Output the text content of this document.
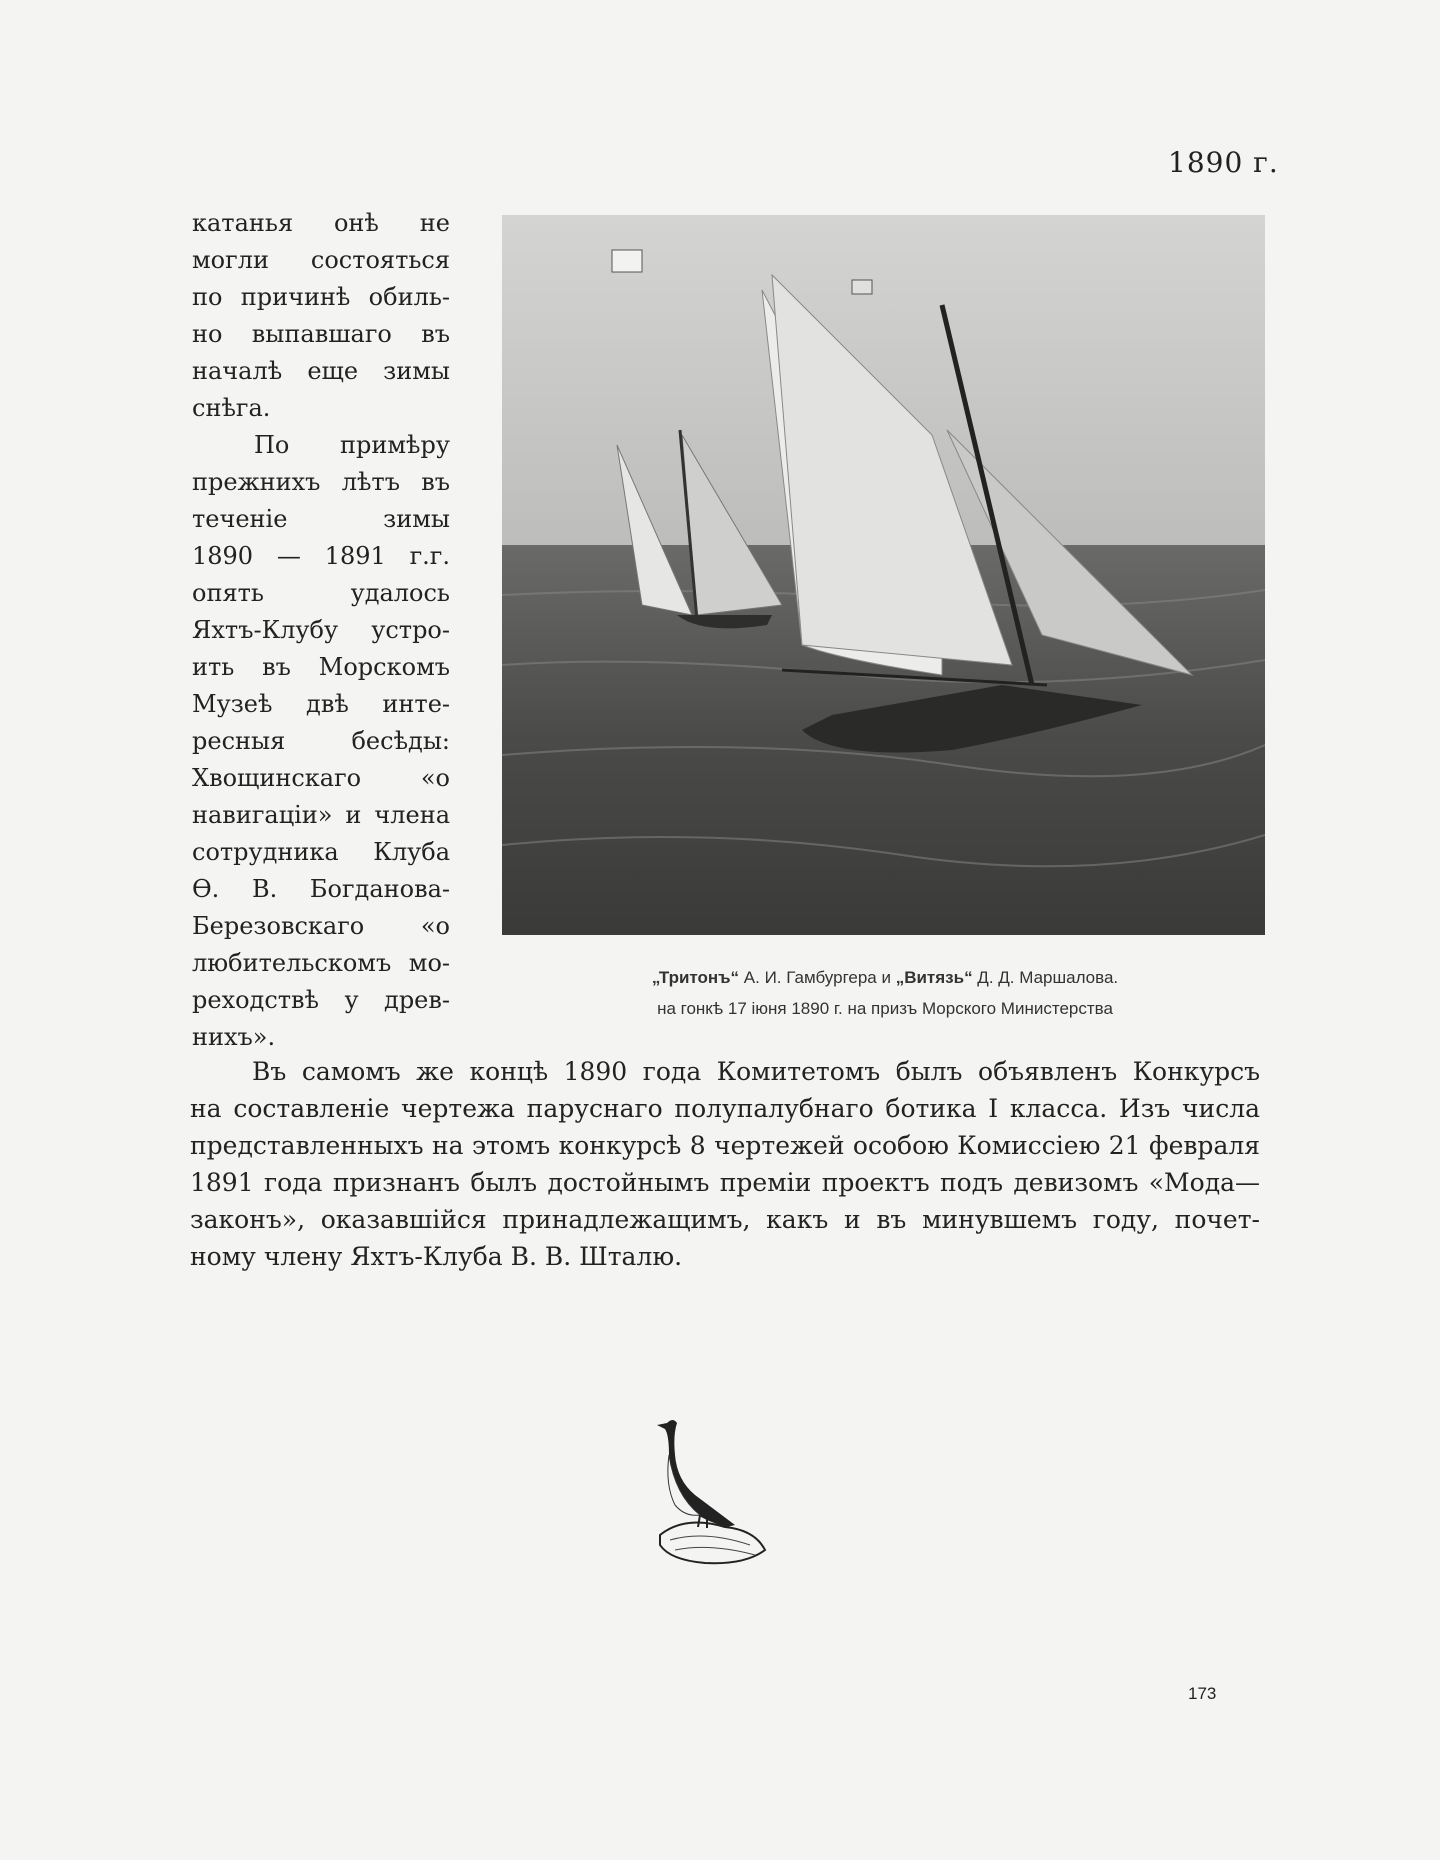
1890 г.
катанья онѣ не
могли состояться
по причинѣ обиль-
но выпавшаго въ
началѣ еще зимы
снѣга.
По примѣру
прежнихъ лѣтъ въ
теченіе зимы
1890 — 1891 г.г.
опять удалось
Яхтъ-Клубу устро-
ить въ Морскомъ
Музеѣ двѣ инте-
ресныя бесѣды:
Хвощинскаго «о
навигаціи» и члена
сотрудника Клуба
Ѳ. В. Богданова-
Березовскаго «о
любительскомъ мо-
реходствѣ у древ-
нихъ».
„Тритонъ“ А. И. Гамбургера и „Витязь“ Д. Д. Маршалова.
на гонкѣ 17 іюня 1890 г. на призъ Морского Министерства
Въ самомъ же концѣ 1890 года Комитетомъ былъ объявленъ Конкурсъ
на составленіе чертежа паруснаго полупалубнаго ботика I класса. Изъ числа
представленныхъ на этомъ конкурсѣ 8 чертежей особою Комиссіею 21 февраля
1891 года признанъ былъ достойнымъ преміи проектъ подъ девизомъ «Мода—
законъ», оказавшійся принадлежащимъ, какъ и въ минувшемъ году, почет-
ному члену Яхтъ-Клуба В. В. Шталю.
173
